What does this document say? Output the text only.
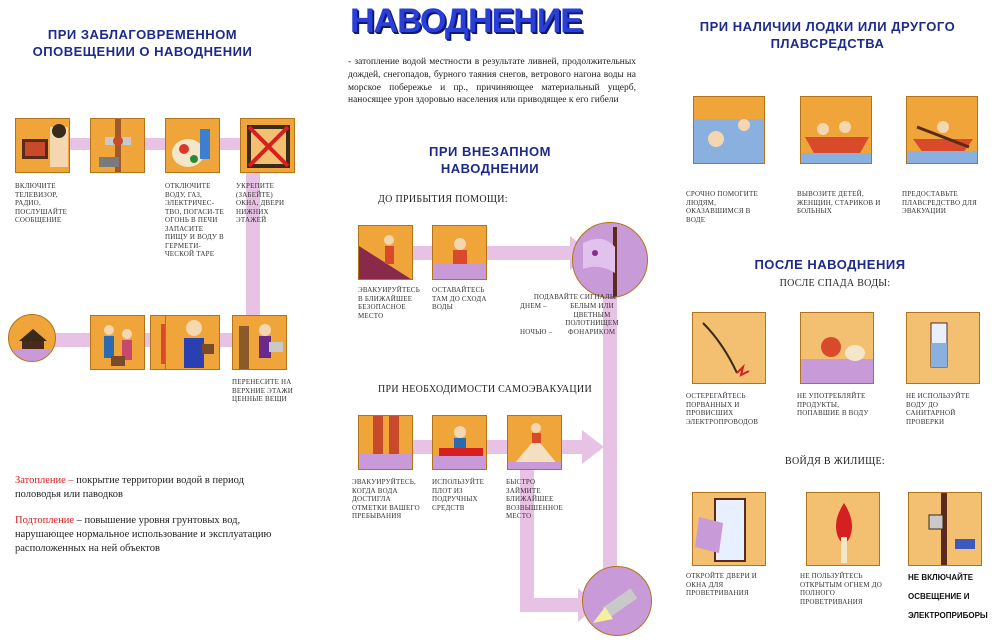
ПРИ ЗАБЛАГОВРЕМЕННОМ ОПОВЕЩЕНИИ О НАВОДНЕНИИ
ВКЛЮЧИТЕ ТЕЛЕВИЗОР, РАДИО, ПОСЛУШАЙТЕ СООБЩЕНИЕ
ОТКЛЮЧИТЕ ВОДУ, ГАЗ, ЭЛЕКТРИЧЕС-ТВО, ПОГАСИ-ТЕ ОГОНЬ В ПЕЧИ ЗАПАСИТЕ ПИЩУ И ВОДУ В ГЕРМЕТИ-ЧЕСКОЙ ТАРЕ
УКРЕПИТЕ (ЗАБЕЙТЕ) ОКНА, ДВЕРИ НИЖНИХ ЭТАЖЕЙ
ПЕРЕНЕСИТЕ НА ВЕРХНИЕ ЭТАЖИ ЦЕННЫЕ ВЕЩИ
Затопление – покрытие территории водой в период половодья или паводков
Подтопление – повышение уровня грунтовых вод, нарушающее нормальное использование и эксплуатацию расположенных на ней объектов
НАВОДНЕНИЕ
- затопление водой местности в результате ливней, продолжительных дождей, снегопадов, бурного таяния снегов, ветрового нагона воды на морское побережье и пр., причиняющее материальный ущерб, наносящее урон здоровью населения или приводящее к его гибели
ПРИ ВНЕЗАПНОМ НАВОДНЕНИИ
ДО ПРИБЫТИЯ ПОМОЩИ:
ЭВАКУИРУЙТЕСЬ В БЛИЖАЙШЕЕ БЕЗОПАСНОЕ МЕСТО
ОСТАВАЙТЕСЬ ТАМ ДО СХОДА ВОДЫ
ПОДАВАЙТЕ СИГНАЛЫ
ДНЕМ –	БЕЛЫМ ИЛИ ЦВЕТНЫМ ПОЛОТНИЩЕМ
НОЧЬЮ –	ФОНАРИКОМ
ПРИ НЕОБХОДИМОСТИ САМОЭВАКУАЦИИ
ЭВАКУИРУЙТЕСЬ, КОГДА ВОДА ДОСТИГЛА ОТМЕТКИ ВАШЕГО ПРЕБЫВАНИЯ
ИСПОЛЬЗУЙТЕ ПЛОТ ИЗ ПОДРУЧНЫХ СРЕДСТВ
БЫСТРО ЗАЙМИТЕ БЛИЖАЙШЕЕ ВОЗВЫШЕННОЕ МЕСТО
ПРИ НАЛИЧИИ ЛОДКИ ИЛИ ДРУГОГО ПЛАВСРЕДСТВА
СРОЧНО ПОМОГИТЕ ЛЮДЯМ, ОКАЗАВШИМСЯ В ВОДЕ
ВЫВОЗИТЕ ДЕТЕЙ, ЖЕНЩИН, СТАРИКОВ И БОЛЬНЫХ
ПРЕДОСТАВЬТЕ ПЛАВСРЕДСТВО ДЛЯ ЭВАКУАЦИИ
ПОСЛЕ НАВОДНЕНИЯ
ПОСЛЕ СПАДА ВОДЫ:
ОСТЕРЕГАЙТЕСЬ ПОРВАННЫХ И ПРОВИСШИХ ЭЛЕКТРОПРОВОДОВ
НЕ УПОТРЕБЛЯЙТЕ ПРОДУКТЫ, ПОПАВШИЕ В ВОДУ
НЕ ИСПОЛЬЗУЙТЕ ВОДУ ДО САНИТАРНОЙ ПРОВЕРКИ
ВОЙДЯ В ЖИЛИЩЕ:
ОТКРОЙТЕ ДВЕРИ И ОКНА ДЛЯ ПРОВЕТРИВАНИЯ
НЕ ПОЛЬЗУЙТЕСЬ ОТКРЫТЫМ ОГНЕМ ДО ПОЛНОГО ПРОВЕТРИВАНИЯ
НЕ ВКЛЮЧАЙТЕ
ОСВЕЩЕНИЕ И
ЭЛЕКТРОПРИБОРЫ
